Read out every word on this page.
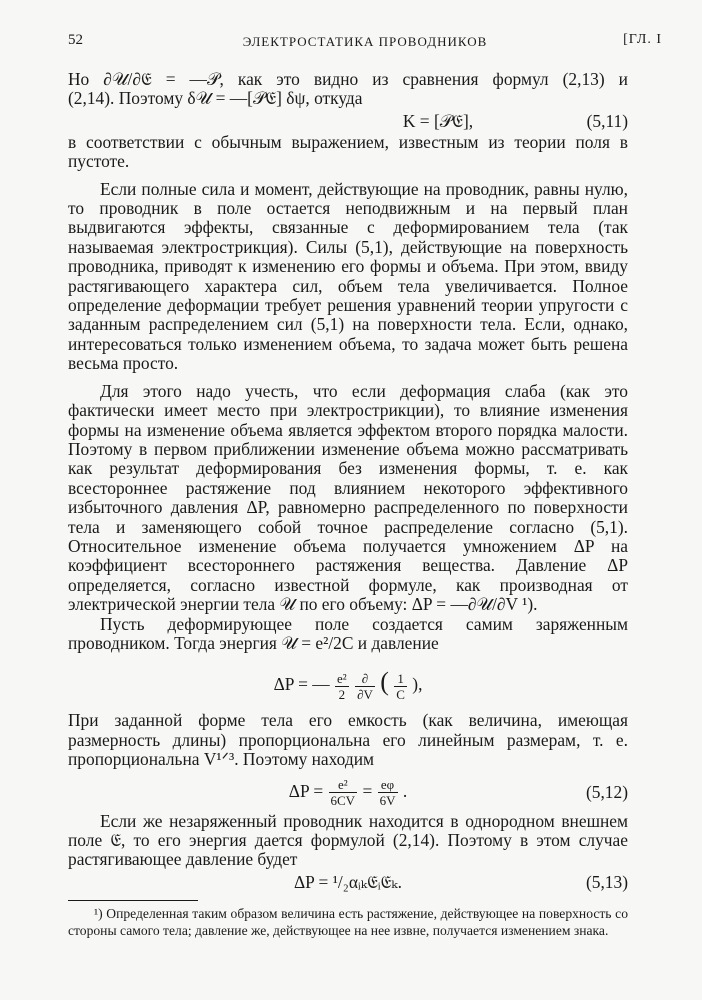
52	ЭЛЕКТРОСТАТИКА ПРОВОДНИКОВ	[ГЛ. I

Но ∂𝒰/∂𝔈 = —𝒫, как это видно из сравнения формул (2,13) и

(2,14). Поэтому δ𝒰 = —[𝒫𝔈] δψ, откуда

K = [𝒫𝔈],	(5,11)

в соответствии с обычным выражением, известным из теории поля в пустоте.

Если полные сила и момент, действующие на проводник, равны нулю, то проводник в поле остается неподвижным и на первый план выдвигаются эффекты, связанные с деформированием тела (так называемая электрострикция). Силы (5,1), действующие на поверхность проводника, приводят к изменению его формы и объема. При этом, ввиду растягивающего характера сил, объем тела увеличивается. Полное определение деформации требует решения уравнений теории упругости с заданным распределением сил (5,1) на поверхности тела. Если, однако, интересоваться только изменением объема, то задача может быть решена весьма просто.

Для этого надо учесть, что если деформация слаба (как это фактически имеет место при электрострикции), то влияние изменения формы на изменение объема является эффектом второго порядка малости. Поэтому в первом приближении изменение объема можно рассматривать как результат деформирования без изменения формы, т. е. как всестороннее растяжение под влиянием некоторого эффективного избыточного давления ΔP, равномерно распределенного по поверхности тела и заменяющего собой точное распределение согласно (5,1). Относительное изменение объема получается умножением ΔP на коэффициент всестороннего растяжения вещества. Давление ΔP определяется, согласно известной формуле, как производная от электрической энергии тела 𝒰 по его объему: ΔP = —∂𝒰/∂V ¹).

Пусть деформирующее поле создается самим заряженным проводником. Тогда энергия 𝒰 = e²/2C и давление

ΔP = — $\frac{\text{e²}}{2}$
$\frac{\partial}{\partial V}$ ( $\frac{1}{C}$ ),

При заданной форме тела его емкость (как величина, имеющая размерность длины) пропорциональна его линейным размерам, т. е. пропорциональна V¹ᐟ³. Поэтому находим

$\Delta P = \frac{\text{e²}}{6CV} = \frac{e\varphi}{6V}$ .	(5,12)

Если же незаряженный проводник находится в однородном внешнем поле 𝔈, то его энергия дается формулой (2,14). Поэтому в этом случае растягивающее давление будет

ΔP = ¹/₂αᵢₖ𝔈ᵢ𝔈ₖ.	(5,13)

¹) Определенная таким образом величина есть растяжение, действующее на поверхность со стороны самого тела; давление же, действующее на нее извне, получается изменением знака.
